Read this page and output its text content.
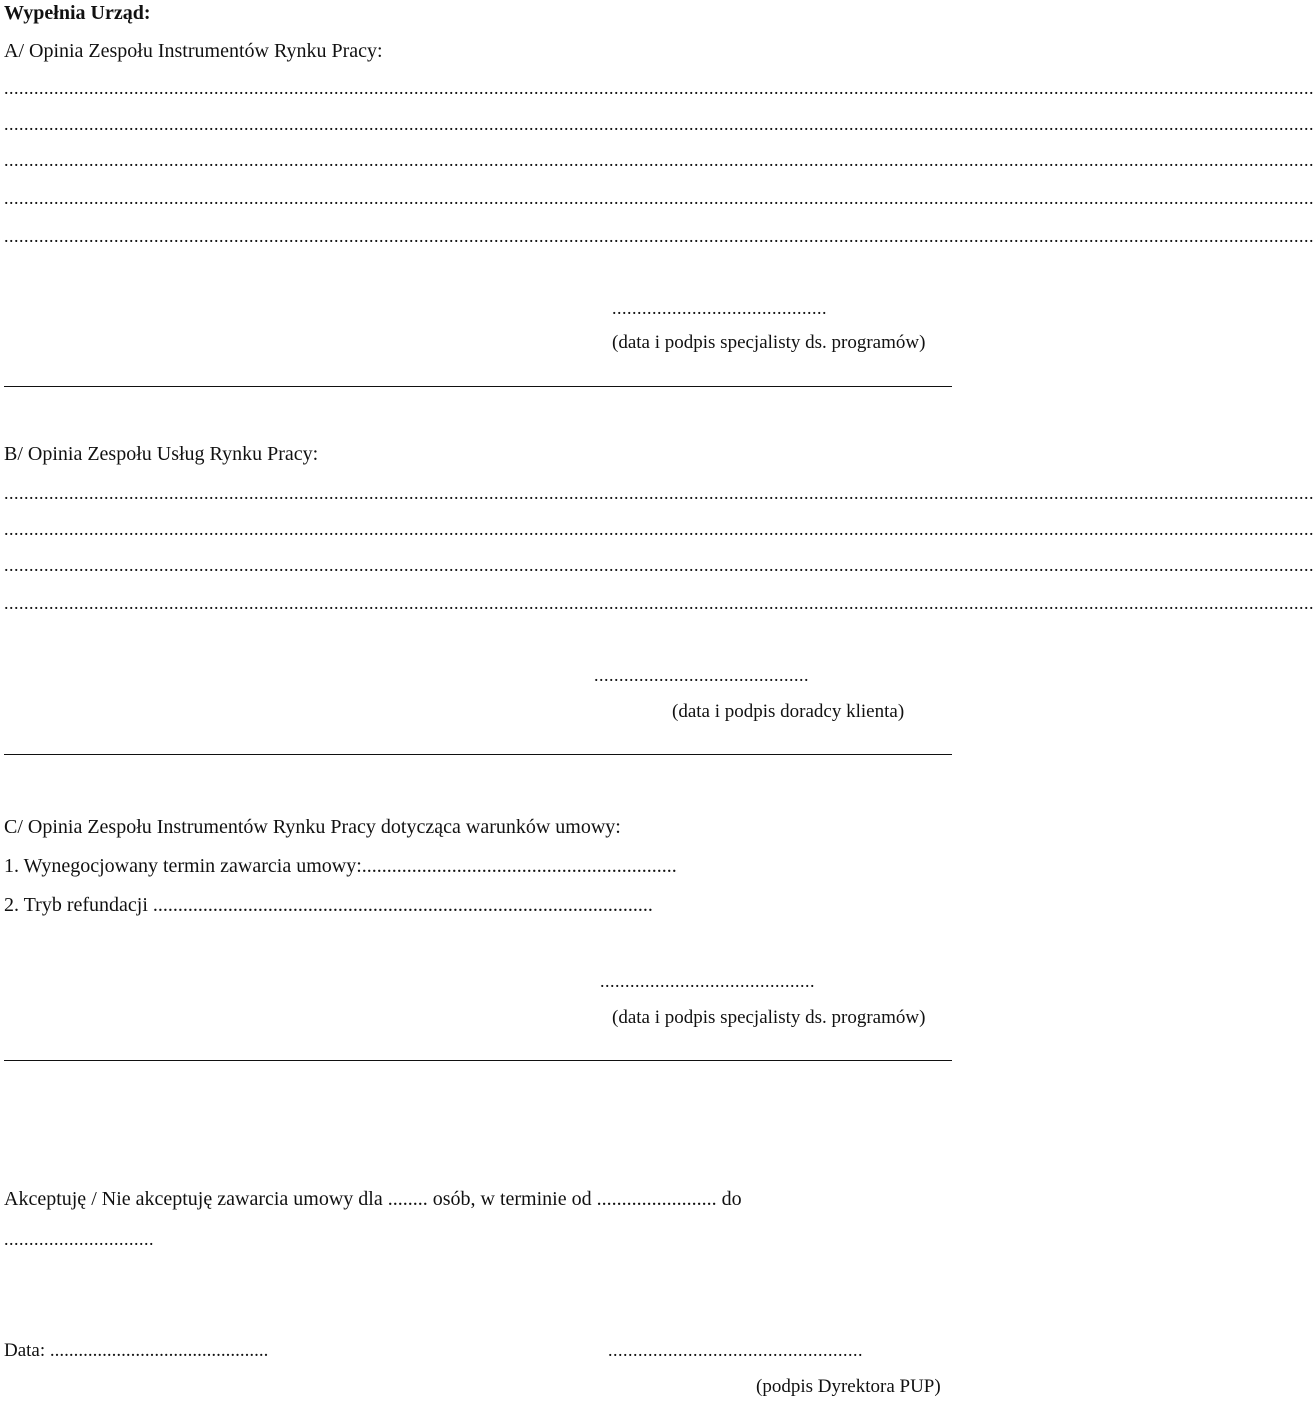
Wypełnia Urząd:
A/ Opinia Zespołu Instrumentów Rynku Pracy:
......................................................................................................................................................................................................................................................................
......................................................................................................................................................................................................................................................................
......................................................................................................................................................................................................................................................................
......................................................................................................................................................................................................................................................................
......................................................................................................................................................................................................................................................................
...........................................
(data i podpis specjalisty ds. programów)
B/ Opinia Zespołu Usług Rynku Pracy:
......................................................................................................................................................................................................................................................................
......................................................................................................................................................................................................................................................................
......................................................................................................................................................................................................................................................................
......................................................................................................................................................................................................................................................................
...........................................
(data i podpis doradcy klienta)
C/ Opinia Zespołu Instrumentów Rynku Pracy dotycząca warunków umowy:
1. Wynegocjowany termin zawarcia umowy:...............................................................
2. Tryb refundacji ....................................................................................................
...........................................
(data i podpis specjalisty ds. programów)
Akceptuję / Nie akceptuję zawarcia umowy dla ........ osób, w terminie od ........................ do
..............................
Data: ..............................................	...................................................
(podpis Dyrektora PUP)
